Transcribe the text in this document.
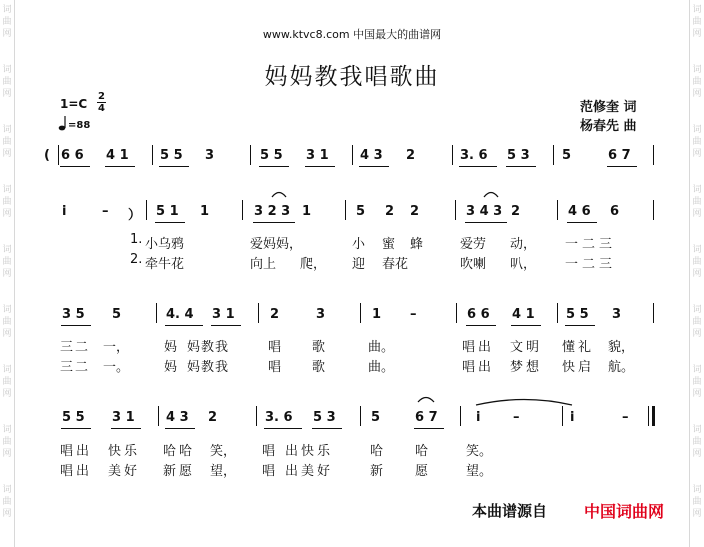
词曲网
词曲网
词曲网
词曲网
词曲网
词曲网
词曲网
词曲网
词曲网
词曲网
词曲网
词曲网
词曲网
词曲网
词曲网
词曲网
词曲网
词曲网
www.ktvc8.com 中国最大的曲谱网
妈妈教我唱歌曲
1=C
2
4
=88
范修奎 词
杨春先 曲
( 6 6 4 1 5 5 3	5 5 3 1 4 3 2	3. 6 5 3 5	6 7
i	– ） 5 1 1	3 2 3 1	5 2 2	3 4 3 2	4 6 6
1. 小乌鸦	爱妈妈，	小 蜜 蜂	爱劳 动， 一二三
2. 牵牛花	向上 爬， 迎 春花	吹喇 叭， 一二三
3 5 5	4. 4 3 1	2	3	1 –	6 6 4 1 5 5 3
三二 一，	妈 妈教我	唱 歌	曲。	唱出 文明 懂礼 貌，
三二 一。	妈 妈教我	唱 歌	曲。	唱出 梦想 快启 航。
5 5 3 1 4 3 2	3. 6 5 3	5	6 7	i	–	i	–
唱出 快乐 哈哈 笑， 唱 出快乐	哈 哈	笑。
唱出 美好 新愿 望， 唱 出美好	新 愿	望。
本曲谱源自 中国词曲网
